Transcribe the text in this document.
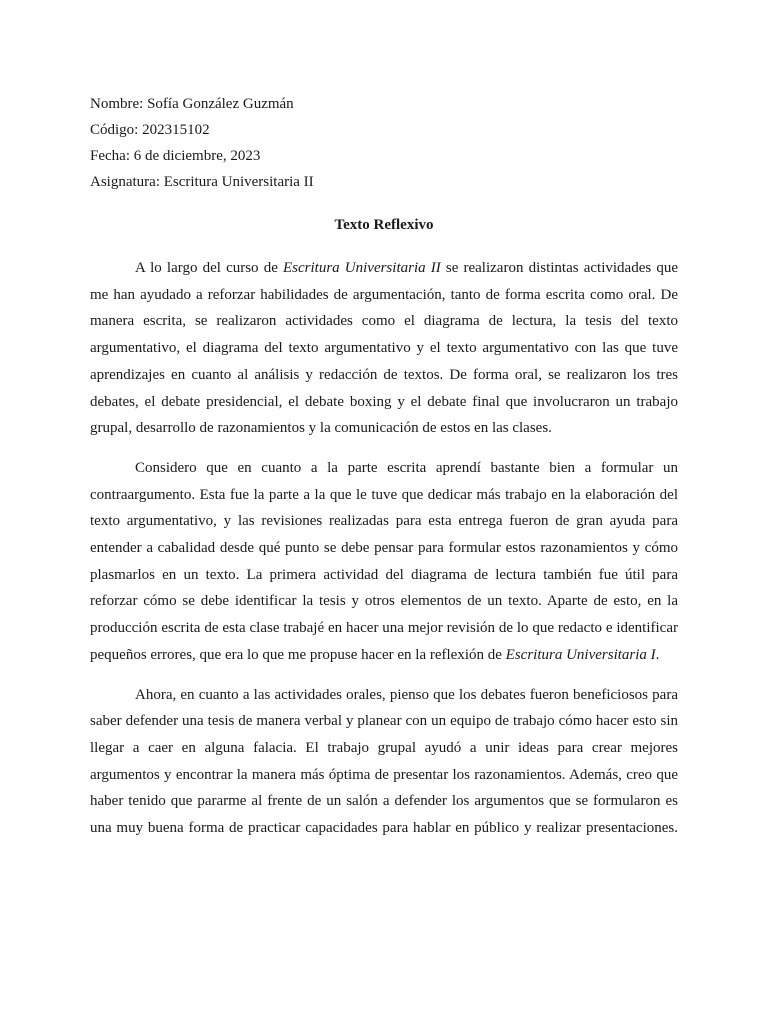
Nombre: Sofía González Guzmán

Código: 202315102

Fecha: 6 de diciembre, 2023

Asignatura: Escritura Universitaria II

Texto Reflexivo

A lo largo del curso de Escritura Universitaria II se realizaron distintas actividades que me han ayudado a reforzar habilidades de argumentación, tanto de forma escrita como oral. De manera escrita, se realizaron actividades como el diagrama de lectura, la tesis del texto argumentativo, el diagrama del texto argumentativo y el texto argumentativo con las que tuve aprendizajes en cuanto al análisis y redacción de textos. De forma oral, se realizaron los tres debates, el debate presidencial, el debate boxing y el debate final que involucraron un trabajo grupal, desarrollo de razonamientos y la comunicación de estos en las clases.

Considero que en cuanto a la parte escrita aprendí bastante bien a formular un contraargumento. Esta fue la parte a la que le tuve que dedicar más trabajo en la elaboración del texto argumentativo, y las revisiones realizadas para esta entrega fueron de gran ayuda para entender a cabalidad desde qué punto se debe pensar para formular estos razonamientos y cómo plasmarlos en un texto. La primera actividad del diagrama de lectura también fue útil para reforzar cómo se debe identificar la tesis y otros elementos de un texto. Aparte de esto, en la producción escrita de esta clase trabajé en hacer una mejor revisión de lo que redacto e identificar pequeños errores, que era lo que me propuse hacer en la reflexión de Escritura Universitaria I.

Ahora, en cuanto a las actividades orales, pienso que los debates fueron beneficiosos para saber defender una tesis de manera verbal y planear con un equipo de trabajo cómo hacer esto sin llegar a caer en alguna falacia. El trabajo grupal ayudó a unir ideas para crear mejores argumentos y encontrar la manera más óptima de presentar los razonamientos. Además, creo que haber tenido que pararme al frente de un salón a defender los argumentos que se formularon es una muy buena forma de practicar capacidades para hablar en público y realizar presentaciones.
